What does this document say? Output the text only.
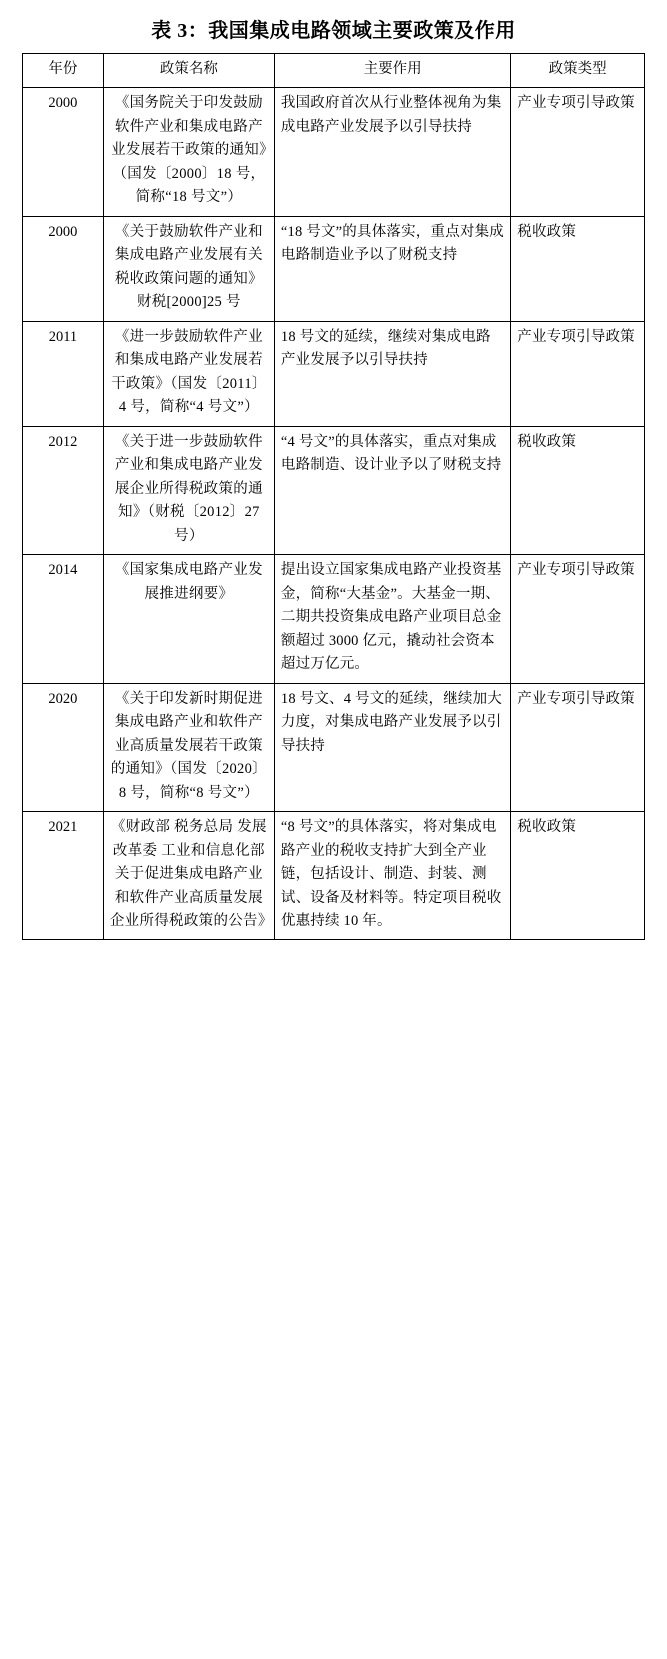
表 3：我国集成电路领域主要政策及作用
年份	政策名称	主要作用	政策类型
2000	《国务院关于印发鼓励软件产业和集成电路产业发展若干政策的通知》（国发〔2000〕18 号，简称“18 号文”）	我国政府首次从行业整体视角为集成电路产业发展予以引导扶持	产业专项引导政策
2000	《关于鼓励软件产业和集成电路产业发展有关税收政策问题的通知》财税[2000]25 号	“18 号文”的具体落实，重点对集成电路制造业予以了财税支持	税收政策
2011	《进一步鼓励软件产业和集成电路产业发展若干政策》（国发〔2011〕4 号，简称“4 号文”）	18 号文的延续，继续对集成电路产业发展予以引导扶持	产业专项引导政策
2012	《关于进一步鼓励软件产业和集成电路产业发展企业所得税政策的通知》（财税〔2012〕27 号）	“4 号文”的具体落实，重点对集成电路制造、设计业予以了财税支持	税收政策
2014	《国家集成电路产业发展推进纲要》	提出设立国家集成电路产业投资基金，简称“大基金”。大基金一期、二期共投资集成电路产业项目总金额超过 3000 亿元，撬动社会资本超过万亿元。	产业专项引导政策
2020	《关于印发新时期促进集成电路产业和软件产业高质量发展若干政策的通知》（国发〔2020〕8 号，简称“8 号文”）	18 号文、4 号文的延续，继续加大力度，对集成电路产业发展予以引导扶持	产业专项引导政策
2021	《财政部 税务总局 发展改革委 工业和信息化部关于促进集成电路产业和软件产业高质量发展企业所得税政策的公告》	“8 号文”的具体落实，将对集成电路产业的税收支持扩大到全产业链，包括设计、制造、封装、测试、设备及材料等。特定项目税收优惠持续 10 年。	税收政策
